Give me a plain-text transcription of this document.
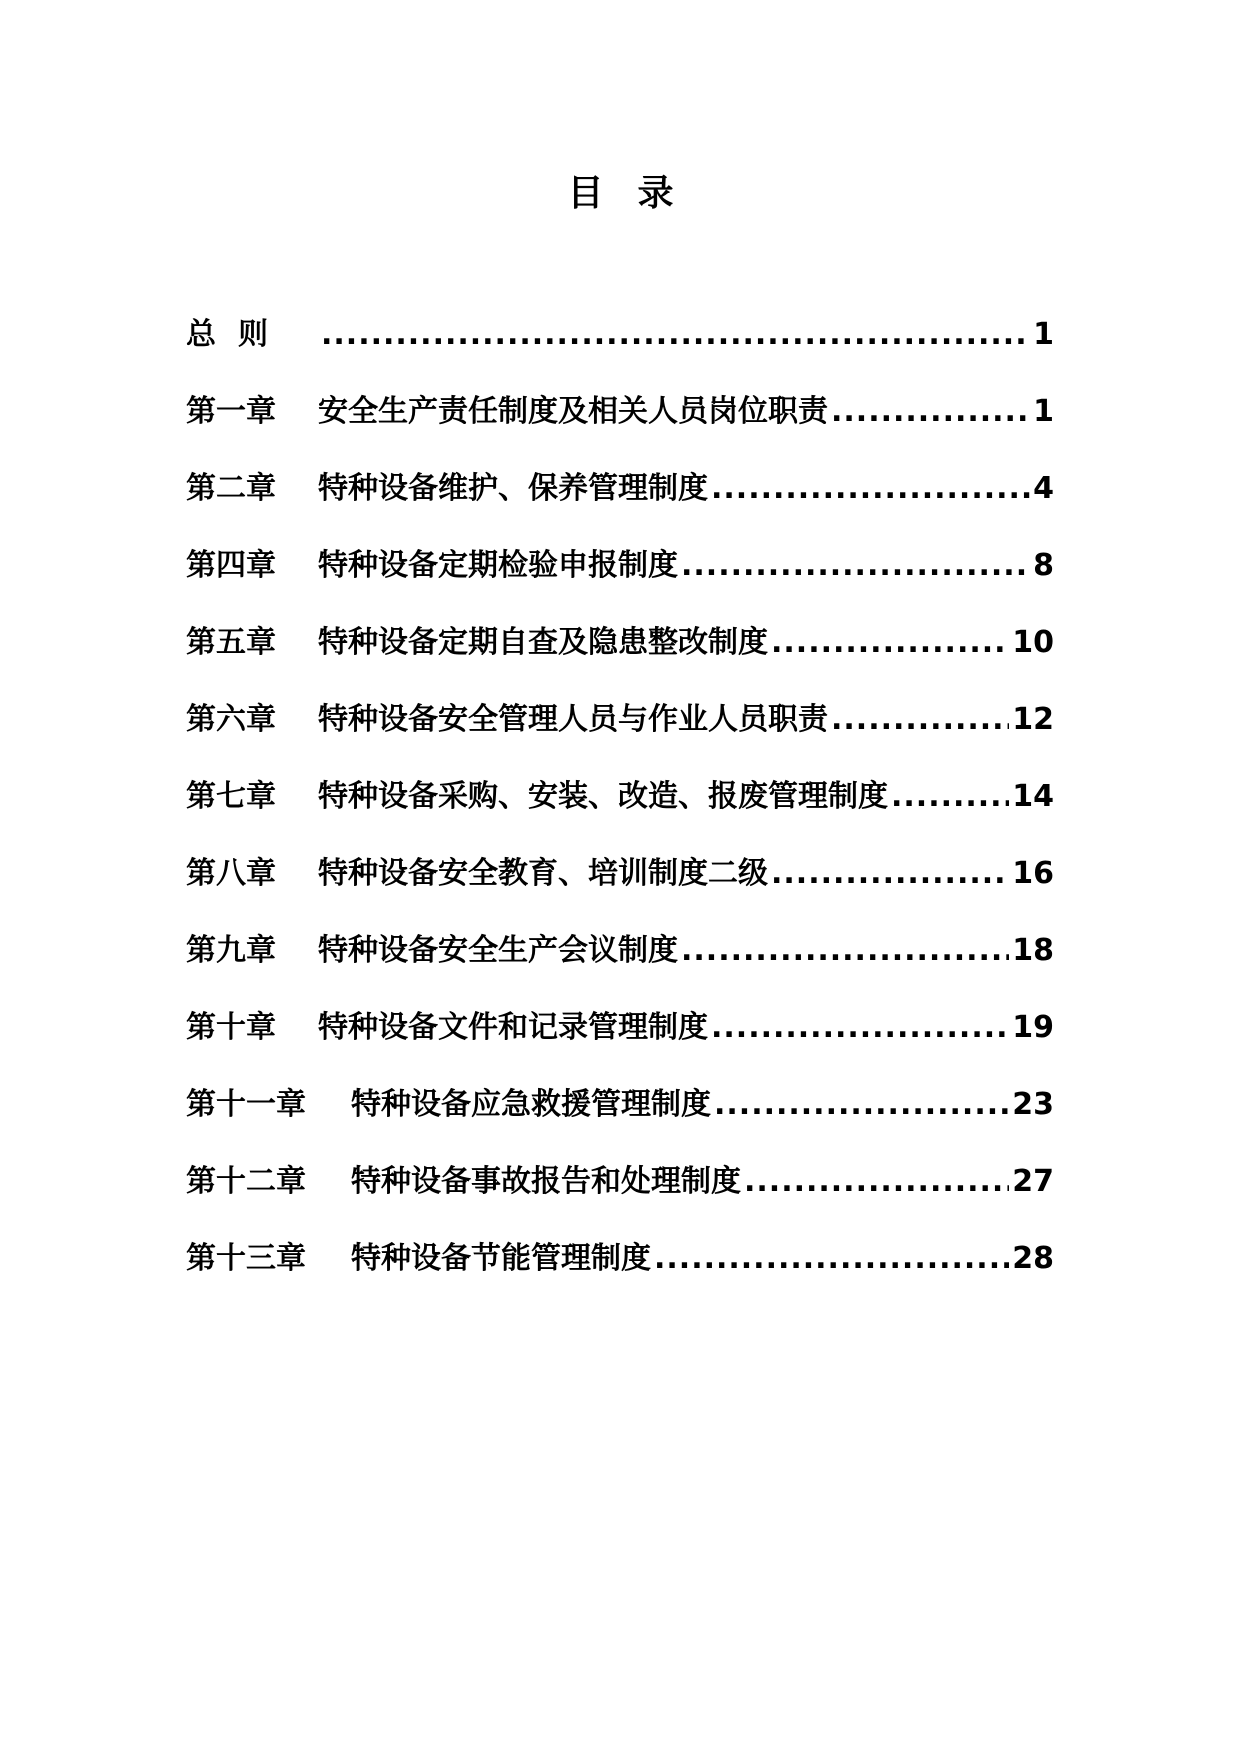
目录
总则 .....	1
第一章	安全生产责任制度及相关人员岗位职责 .....	1
第二章	特种设备维护、保养管理制度 .....	4
第四章	特种设备定期检验申报制度 .....	8
第五章	特种设备定期自查及隐患整改制度 .....	10
第六章	特种设备安全管理人员与作业人员职责 .....	12
第七章	特种设备采购、安装、改造、报废管理制度 .....	14
第八章	特种设备安全教育、培训制度二级 .....	16
第九章	特种设备安全生产会议制度 .....	18
第十章	特种设备文件和记录管理制度 .....	19
第十一章	特种设备应急救援管理制度 .....	23
第十二章	特种设备事故报告和处理制度 .....	27
第十三章	特种设备节能管理制度 .....	28
